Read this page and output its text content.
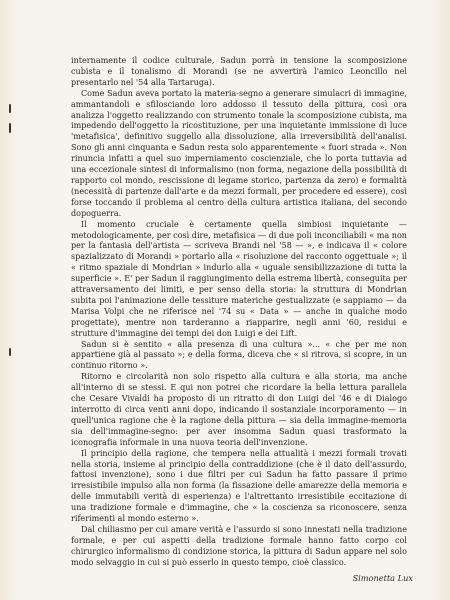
internamente il codice culturale, Sadun porrà in tensione la scomposizione cubista e il tonalismo di Morandi (se ne avvertirà l'amico Leoncillo nel presentarlo nel '54 alla Tartaruga).

Come Sadun aveva portato la materia-segno a generare simulacri di immagine, ammantandoli e sfilosciando loro addosso il tessuto della pittura, così ora analizza l'oggetto realizzando con strumento tonale la scomposizione cubista, ma impedendo dell'oggetto la ricostituzione, per una inquietante immissione di luce 'metafisica', definitivo suggello alla dissoluzione, alla irreversibilità dell'analisi. Sono gli anni cinquanta e Sadun resta solo apparentemente « fuori strada ». Non rinuncia infatti a quel suo imperniamento coscienziale, che lo porta tuttavia ad una eccezionale sintesi di informalismo (non forma, negazione della possibilità di rapporto col mondo, rescissione di legame storico, partenza da zero) e formalità (necessità di partenze dall'arte e da mezzi formali, per procedere ed essere), così forse toccando il problema al centro della cultura artistica italiana, del secondo dopoguerra.

Il momento cruciale è certamente quella simbiosi inquietante — metodologicamente, per così dire, metafisica — di due poli inconciliabili « ma non per la fantasia dell'artista — scriveva Brandi nel '58 — », e indicava il « colore spazializzato di Morandi » portarlo alla « risoluzione del racconto oggettuale »; il « ritmo spaziale di Mondrian » indurlo alla « uguale sensibilizzazione di tutta la superficie ». E' per Sadun il raggiungimento della estrema libertà, conseguita per attraversamento dei limiti, e per senso della storia: la struttura di Mondrian subita poi l'animazione delle tessiture materiche gestualizzate (e sappiamo — da Marisa Volpi che ne riferisce nel '74 su « Data » — anche in qualche modo progettate), mentre non tarderanno a riapparire, negli anni '60, residui e strutture d'immagine dei tempi dei don Luigi e dei Lift.

Sadun si è sentito « alla presenza di una cultura »... « che per me non appartiene già al passato »; e della forma, diceva che « si ritrova, si scopre, in un continuo ritorno ».

Ritorno e circolarità non solo rispetto alla cultura e alla storia, ma anche all'interno di se stessi. E qui non potrei che ricordare la bella lettura parallela che Cesare Vivaldi ha proposto di un ritratto di don Luigi del '46 e di Dialogo interrotto di circa venti anni dopo, indicando il sostanziale incorporamento — in quell'unica ragione che è la ragione della pittura — sia della immagine-memoria sia dell'immagine-segno: per aver insomma Sadun quasi trasformato la iconografia informale in una nuova teoria dell'invenzione.

Il principio della ragione, che tempera nella attualità i mezzi formali trovati nella storia, insieme al principio della contraddizione (che è il dato dell'assurdo, fattosi invenzione), sono i due filtri per cui Sadun ha fatto passare il primo irresistibile impulso alla non forma (la fissazione delle amarezze della memoria e delle immutabili verità di esperienza) e l'altrettanto irresistibile eccitazione di una tradizione formale e d'immagine, che « la coscienza sa riconoscere, senza riferimenti al mondo esterno ».

Dal chiliasmo per cui amare verità e l'assurdo si sono innestati nella tradizione formale, e per cui aspetti della tradizione formale hanno fatto corpo col chirurgico informalismo di condizione storica, la pittura di Sadun appare nel solo modo selvaggio in cui si può esserlo in questo tempo, cioè classico.

Simonetta Lux
